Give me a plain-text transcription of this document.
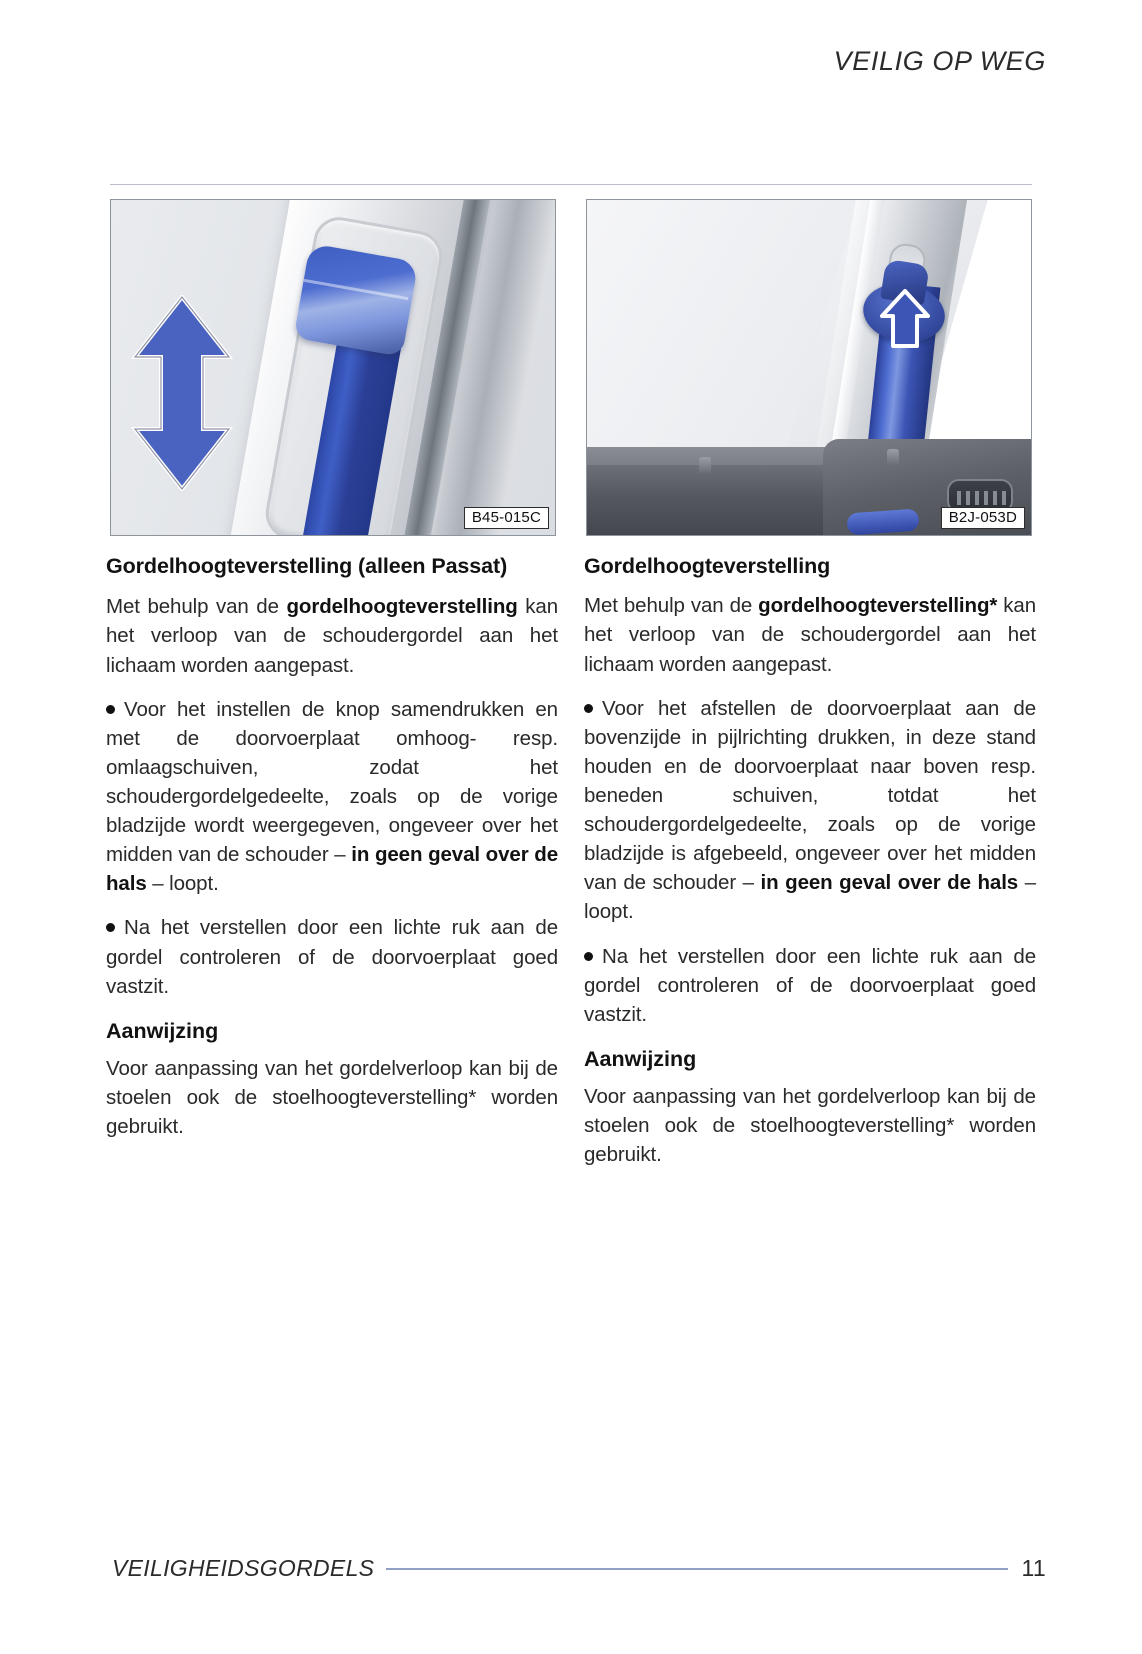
VEILIG OP WEG
B45-015C	B2J-053D
Gordelhoogteverstelling (alleen Passat)

Met behulp van de gordelhoogteverstelling kan het verloop van de schoudergordel aan het lichaam worden aangepast.

Voor het instellen de knop samendrukken en met de doorvoerplaat omhoog- resp. omlaagschuiven, zodat het schoudergordelgedeelte, zoals op de vorige bladzijde wordt weergegeven, ongeveer over het midden van de schouder – in geen geval over de hals – loopt.

Na het verstellen door een lichte ruk aan de gordel controleren of de doorvoerplaat goed vastzit.

Aanwijzing

Voor aanpassing van het gordelverloop kan bij de stoelen ook de stoelhoogteverstelling* worden gebruikt.

Gordelhoogteverstelling

Met behulp van de gordelhoogteverstelling* kan het verloop van de schoudergordel aan het lichaam worden aangepast.

Voor het afstellen de doorvoerplaat aan de bovenzijde in pijlrichting drukken, in deze stand houden en de doorvoerplaat naar boven resp. beneden schuiven, totdat het schoudergordelgedeelte, zoals op de vorige bladzijde is afgebeeld, ongeveer over het midden van de schouder – in geen geval over de hals – loopt.

Na het verstellen door een lichte ruk aan de gordel controleren of de doorvoerplaat goed vastzit.

Aanwijzing

Voor aanpassing van het gordelverloop kan bij de stoelen ook de stoelhoogteverstelling* worden gebruikt.

VEILIGHEIDSGORDELS	11
